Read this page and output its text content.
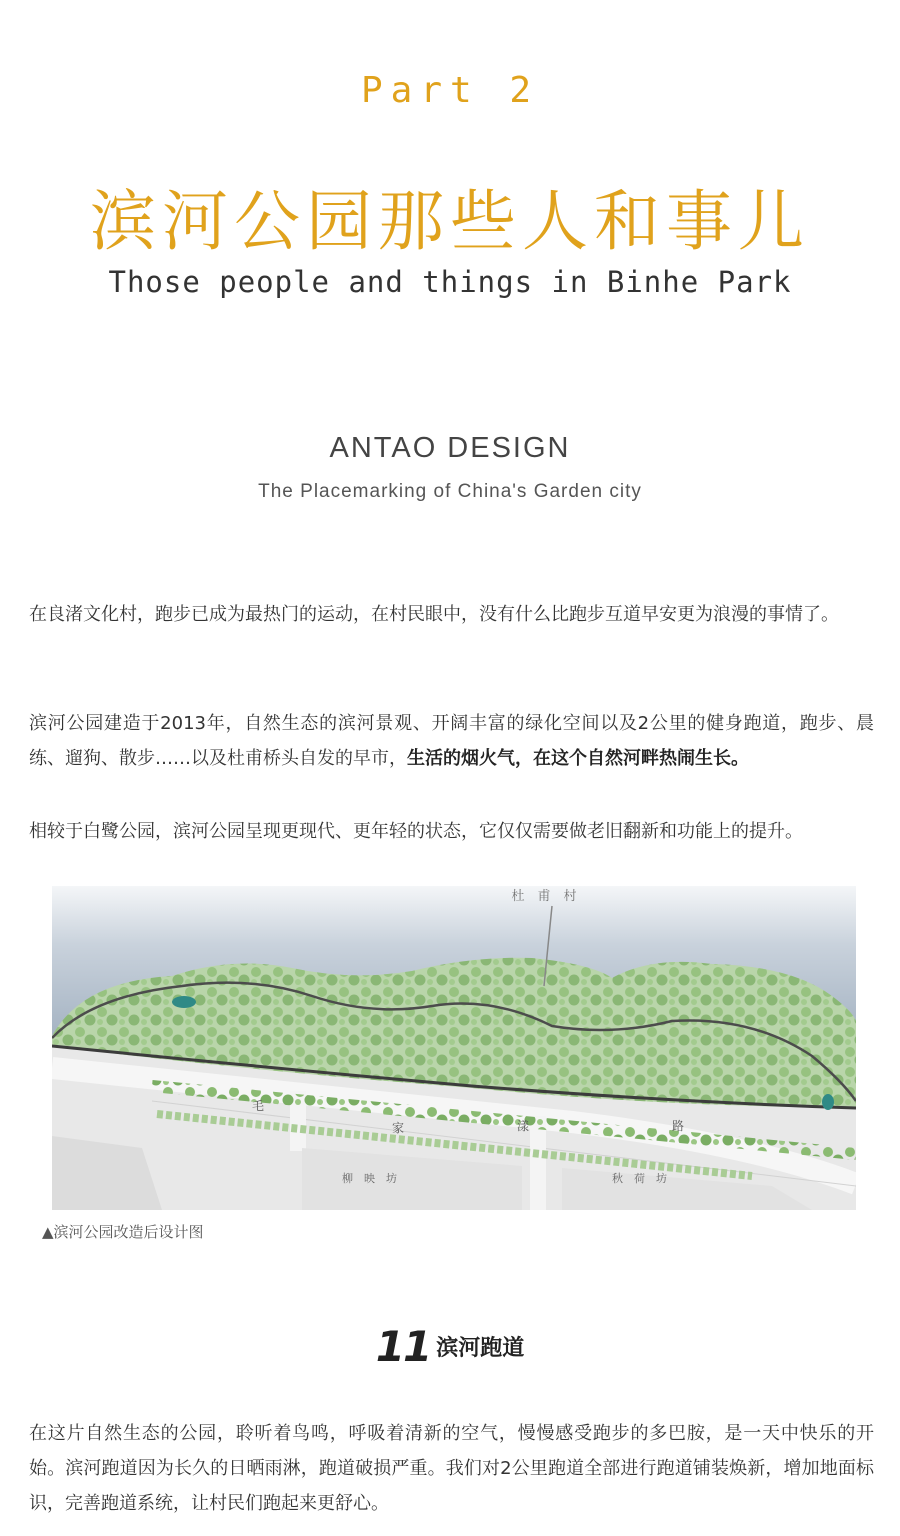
Part 2
滨河公园那些人和事儿
Those people and things in Binhe Park
ANTAO DESIGN
The Placemarking of China's Garden city

在良渚文化村，跑步已成为最热门的运动，在村民眼中，没有什么比跑步互道早安更为浪漫的事情了。

滨河公园建造于2013年，自然生态的滨河景观、开阔丰富的绿化空间以及2公里的健身跑道，跑步、晨练、遛狗、散步……以及杜甫桥头自发的早市，生活的烟火气，在这个自然河畔热闹生长。

相较于白鹭公园，滨河公园呈现更现代、更年轻的状态，它仅仅需要做老旧翻新和功能上的提升。

杜　甫　村
毛
家	漾	路
柳　映　坊	秋　荷　坊
▲滨河公园改造后设计图
11 滨河跑道

在这片自然生态的公园，聆听着鸟鸣，呼吸着清新的空气，慢慢感受跑步的多巴胺，是一天中快乐的开始。滨河跑道因为长久的日晒雨淋，跑道破损严重。我们对2公里跑道全部进行跑道铺装焕新，增加地面标识，完善跑道系统，让村民们跑起来更舒心。
